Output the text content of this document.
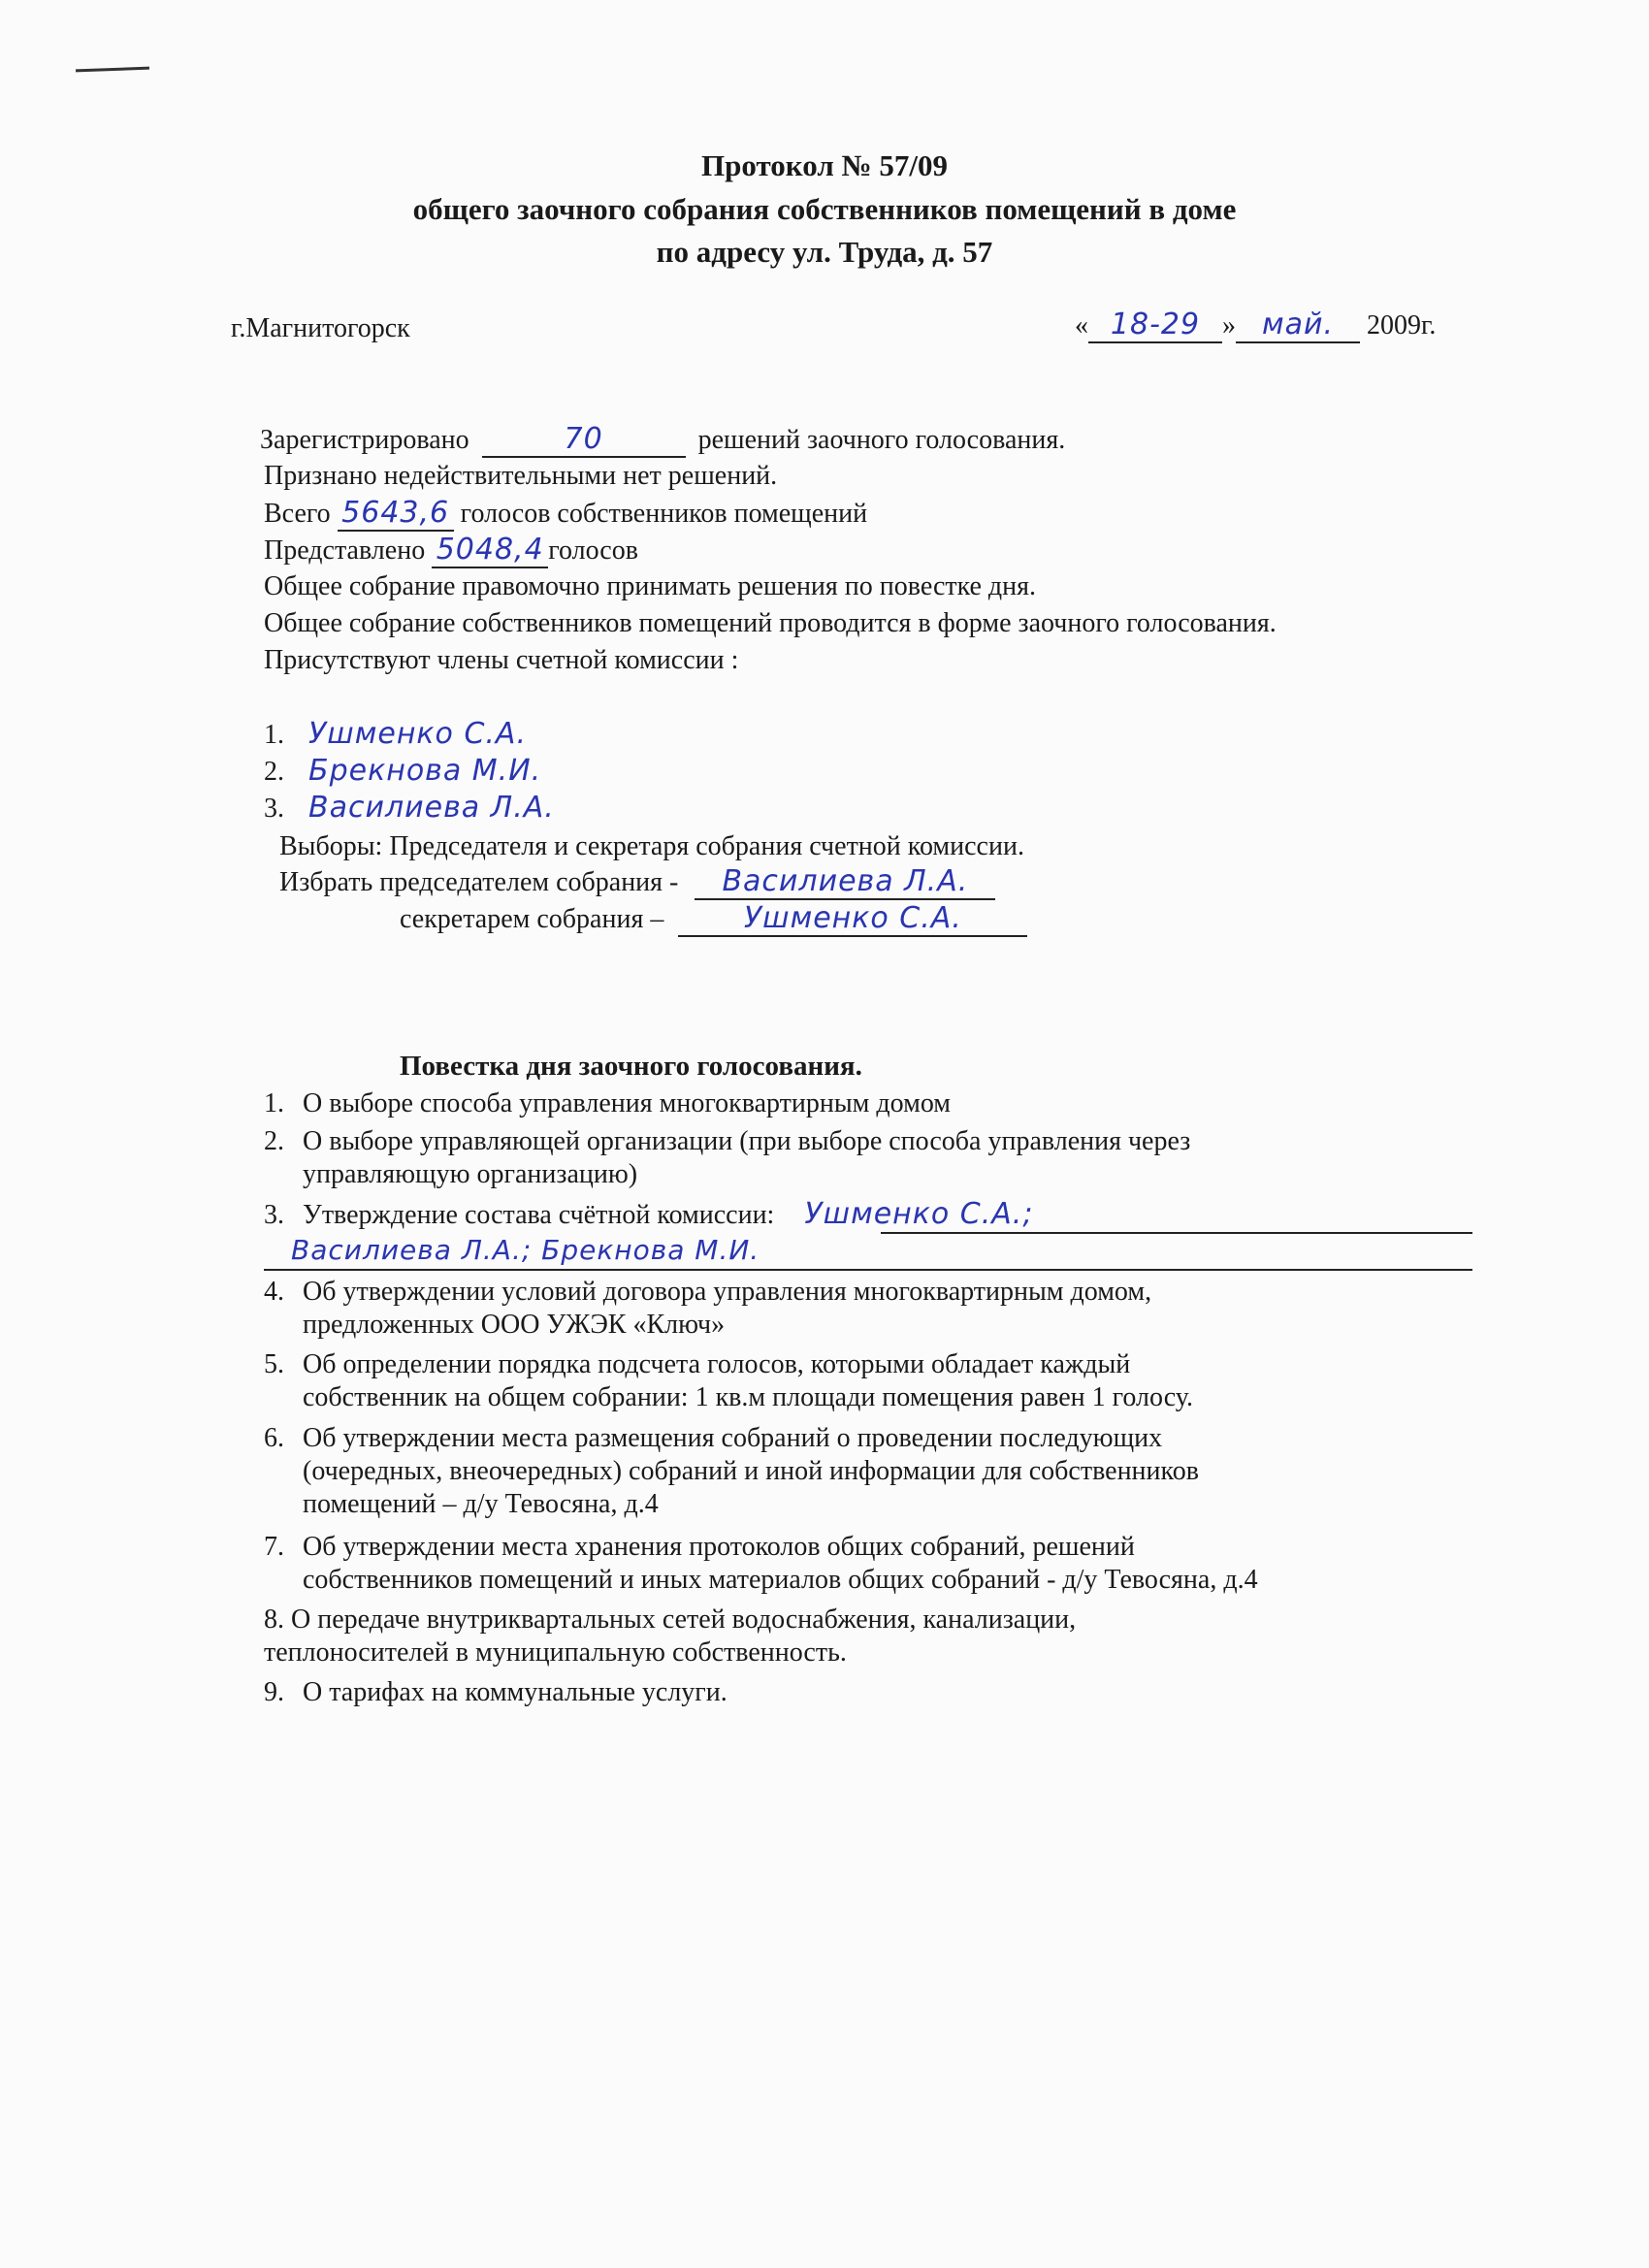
Протокол № 57/09
общего заочного собрания собственников помещений в доме
по адресу ул. Труда, д. 57
г.Магнитогорск	« 18-29 » май. 2009г.
Зарегистрировано	70	решений заочного голосования.
Признано недействительными нет решений.
Всего 5643,6 голосов собственников помещений
Представлено 5048,4 голосов
Общее собрание правомочно принимать решения по повестке дня.
Общее собрание собственников помещений проводится в форме заочного голосования.
Присутствуют члены счетной комиссии :
1. Ушменко С.А.
2. Брекнова М.И.
3. Василиева Л.А.
Выборы: Председателя и секретаря собрания счетной комиссии.
Избрать председателем собрания - Василиева Л.А.
секретарем собрания –	Ушменко С.А.
Повестка дня заочного голосования.
1. О выборе способа управления многоквартирным домом
2. О выборе управляющей организации (при выборе способа управления через
управляющую организацию)
3. Утверждение состава счётной комиссии: Ушменко С.А.;
Василиева Л.А.; Брекнова М.И.
4. Об утверждении условий договора управления многоквартирным домом,
предложенных ООО УЖЭК «Ключ»
5. Об определении порядка подсчета голосов, которыми обладает каждый
собственник на общем собрании: 1 кв.м площади помещения равен 1 голосу.
6. Об утверждении места размещения собраний о проведении последующих
(очередных, внеочередных) собраний и иной информации для собственников
помещений – д/у Тевосяна, д.4
7. Об утверждении места хранения протоколов общих собраний, решений
собственников помещений и иных материалов общих собраний - д/у Тевосяна, д.4
8. О передаче внутриквартальных сетей водоснабжения, канализации,
теплоносителей в муниципальную собственность.
9. О тарифах на коммунальные услуги.
